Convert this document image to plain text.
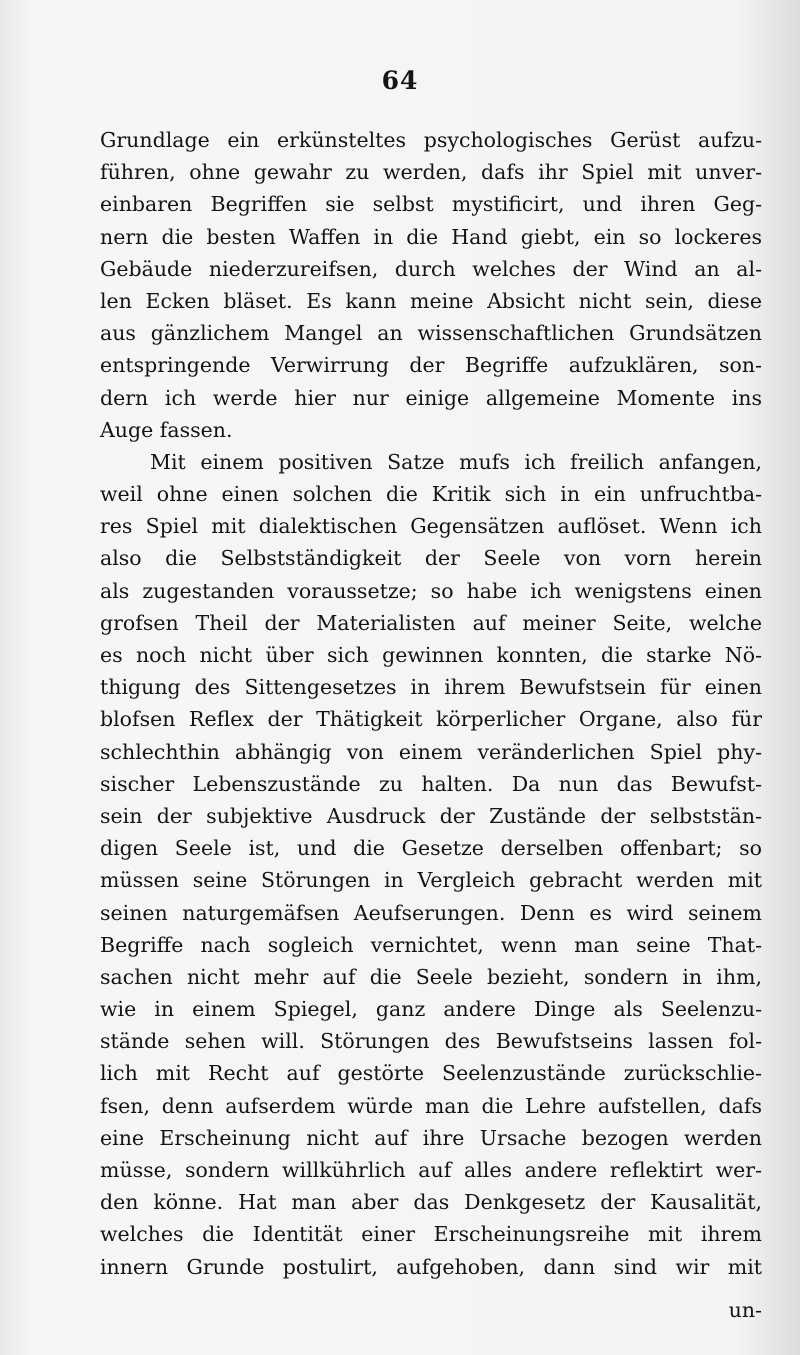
64
Grundlage ein erkünsteltes psychologisches Gerüst aufzu-
führen, ohne gewahr zu werden, dafs ihr Spiel mit unver-
einbaren Begriffen sie selbst mystificirt, und ihren Geg-
nern die besten Waffen in die Hand giebt, ein so lockeres
Gebäude niederzureifsen, durch welches der Wind an al-
len Ecken bläset. Es kann meine Absicht nicht sein, diese
aus gänzlichem Mangel an wissenschaftlichen Grundsätzen
entspringende Verwirrung der Begriffe aufzuklären, son-
dern ich werde hier nur einige allgemeine Momente ins
Auge fassen.
Mit einem positiven Satze mufs ich freilich anfangen,
weil ohne einen solchen die Kritik sich in ein unfruchtba-
res Spiel mit dialektischen Gegensätzen auflöset. Wenn ich
also die Selbstständigkeit der Seele von vorn herein
als zugestanden voraussetze; so habe ich wenigstens einen
grofsen Theil der Materialisten auf meiner Seite, welche
es noch nicht über sich gewinnen konnten, die starke Nö-
thigung des Sittengesetzes in ihrem Bewufstsein für einen
blofsen Reflex der Thätigkeit körperlicher Organe, also für
schlechthin abhängig von einem veränderlichen Spiel phy-
sischer Lebenszustände zu halten. Da nun das Bewufst-
sein der subjektive Ausdruck der Zustände der selbststän-
digen Seele ist, und die Gesetze derselben offenbart; so
müssen seine Störungen in Vergleich gebracht werden mit
seinen naturgemäfsen Aeufserungen. Denn es wird seinem
Begriffe nach sogleich vernichtet, wenn man seine That-
sachen nicht mehr auf die Seele bezieht, sondern in ihm,
wie in einem Spiegel, ganz andere Dinge als Seelenzu-
stände sehen will. Störungen des Bewufstseins lassen fol-
lich mit Recht auf gestörte Seelenzustände zurückschlie-
fsen, denn aufserdem würde man die Lehre aufstellen, dafs
eine Erscheinung nicht auf ihre Ursache bezogen werden
müsse, sondern willkührlich auf alles andere reflektirt wer-
den könne. Hat man aber das Denkgesetz der Kausalität,
welches die Identität einer Erscheinungsreihe mit ihrem
innern Grunde postulirt, aufgehoben, dann sind wir mit
un-
